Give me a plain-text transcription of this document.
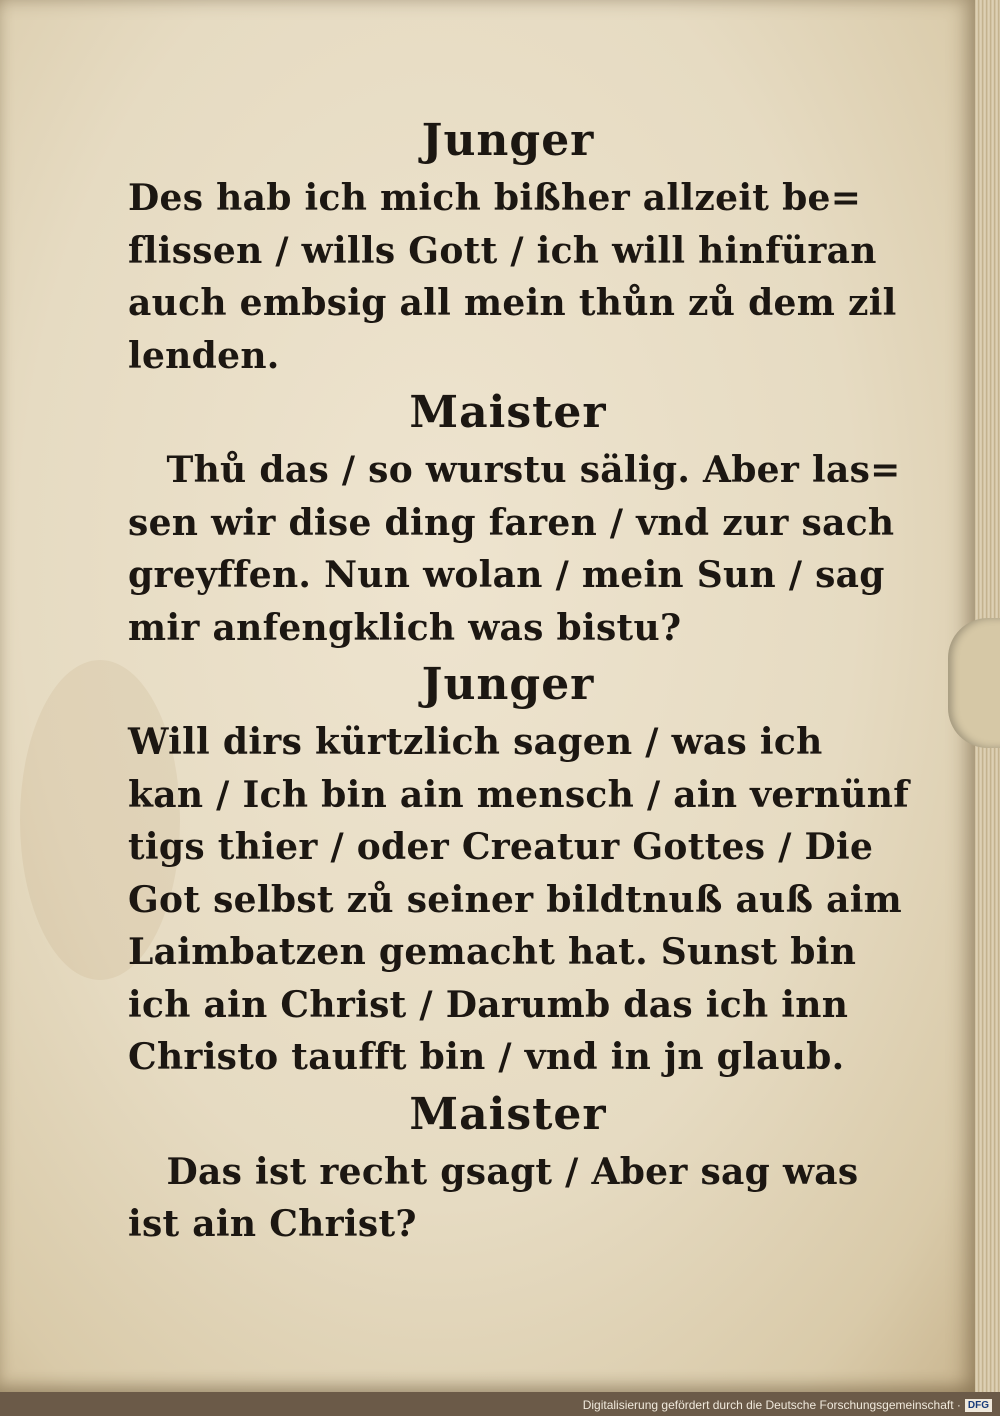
Junger
Des hab ich mich bißher allzeit be=
flissen / wills Gott / ich will hinfüran
auch embsig all mein thůn zů dem zil
lenden.
Maister
Thů das / so wurstu sälig. Aber las=
sen wir dise ding faren / vnd zur sach
greyffen. Nun wolan / mein Sun / sag
mir anfengklich was bistu?
Junger
Will dirs kürtzlich sagen / was ich
kan / Ich bin ain mensch / ain vernünf
tigs thier / oder Creatur Gottes / Die
Got selbst zů seiner bildtnuß auß aim
Laimbatzen gemacht hat. Sunst bin
ich ain Christ / Darumb das ich inn
Christo taufft bin / vnd in jn glaub.
Maister
Das ist recht gsagt / Aber sag was
ist ain Christ?
Digitalisierung gefördert durch die Deutsche Forschungsgemeinschaft · DFG
